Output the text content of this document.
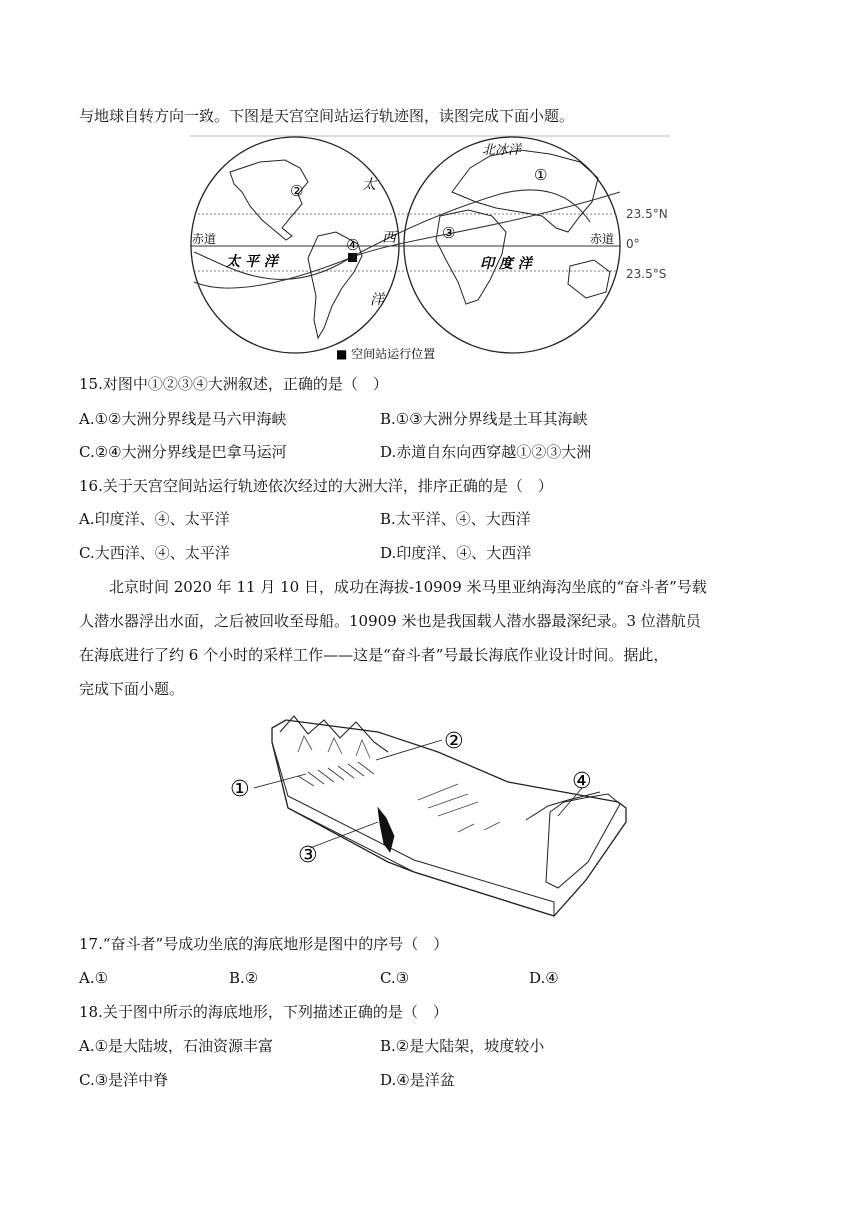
与地球自转方向一致。下图是天宫空间站运行轨迹图，读图完成下面小题。
北冰洋
太
西
洋
太 平 洋	印 度 洋
赤道	赤道
23.5°N
0°
23.5°S
①
②
③
④
■ 空间站运行位置
15.对图中①②③④大洲叙述，正确的是（　）
A.①②大洲分界线是马六甲海峡	B.①③大洲分界线是土耳其海峡
C.②④大洲分界线是巴拿马运河	D.赤道自东向西穿越①②③大洲
16.关于天宫空间站运行轨迹依次经过的大洲大洋，排序正确的是（　）
A.印度洋、④、太平洋	B.太平洋、④、大西洋
C.大西洋、④、太平洋	D.印度洋、④、大西洋
　　北京时间 2020 年 11 月 10 日，成功在海拔-10909 米马里亚纳海沟坐底的“奋斗者”号载
人潜水器浮出水面，之后被回收至母船。10909 米也是我国载人潜水器最深纪录。3 位潜航员
在海底进行了约 6 个小时的采样工作——这是“奋斗者”号最长海底作业设计时间。据此，
完成下面小题。
①
②
③
④
17.“奋斗者”号成功坐底的海底地形是图中的序号（　）
A.①	B.②	C.③	D.④
18.关于图中所示的海底地形，下列描述正确的是（　）
A.①是大陆坡，石油资源丰富	B.②是大陆架，坡度较小
C.③是洋中脊	D.④是洋盆
